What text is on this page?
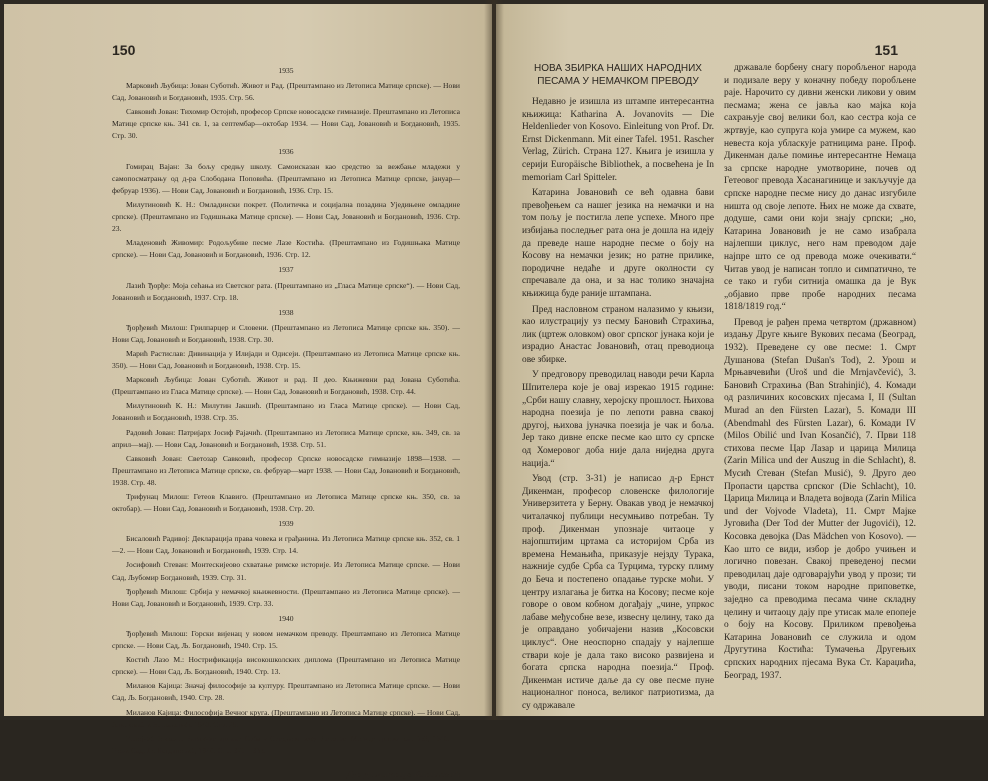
150
1935
Марковић Љубица: Јован Суботић. Живот и Рад. (Прештампано из Летописа Матице српске). — Нови Сад, Јовановић и Богдановић, 1935. Стр. 56.
Савковић Јован: Тихомир Остојић, професор Српске новосадске гимназије. Прештампано из Летописа Матице српске књ. 341 св. 1, за септембар—октобар 1934. — Нови Сад, Јовановић и Богдановић, 1935. Стр. 30.
1936
Гомирац Вајан: За бољу средњу школу. Самоисказан као средство за вежбање младежи у самопосматрању од д-ра Слободана Поповића. (Прештампано из Летописа Матице српске, јануар—фебруар 1936). — Нови Сад, Јовановић и Богдановић, 1936. Стр. 15.
Милутиновић К. Н.: Омладински покрет. (Политичка и социјална позадина Уједињене омладине српске). (Прештампано из Годишњака Матице српске). — Нови Сад, Јовановић и Богдановић, 1936. Стр. 23.
Младеновић Живомир: Родољубиве песме Лазе Костића. (Прештампано из Годишњака Матице српске). — Нови Сад, Јовановић и Богдановић, 1936. Стр. 12.
1937
Лазић Ђорђе: Моја сећања из Светског рата. (Прештампано из „Гласа Матице српске“). — Нови Сад, Јовановић и Богдановић, 1937. Стр. 18.
1938
Ђорђевић Милош: Грилпарцер и Словени. (Прештампано из Летописа Матице српске књ. 350). — Нови Сад, Јовановић и Богдановић, 1938. Стр. 30.
Марић Растислав: Дивинација у Илијади и Одисеји. (Прештампано из Летописа Матице српске књ. 350). — Нови Сад, Јовановић и Богдановић, 1938. Стр. 15.
Марковић Љубица: Јован Суботић. Живот и рад. II део. Књижевни рад Јована Суботића. (Прештампано из Гласа Матице српске). — Нови Сад, Јовановић и Богдановић, 1938. Стр. 44.
Милутиновић К. Н.: Милутин Јакшић. (Прештампано из Гласа Матице српске). — Нови Сад, Јовановић и Богдановић, 1938. Стр. 35.
Радовић Јован: Патријарх Јосиф Рајачић. (Прештампано из Летописа Матице српске, књ. 349, св. за април—мај). — Нови Сад, Јовановић и Богдановић, 1938. Стр. 51.
Савковић Јован: Светозар Савковић, професор Српске новосадске гимназије 1898—1938. — Прештампано из Летописа Матице српске, св. фебруар—март 1938. — Нови Сад, Јовановић и Богдановић, 1938. Стр. 48.
Трифунац Милош: Гетеов Клавиго. (Прештампано из Летописа Матице српске књ. 350, св. за октобар). — Нови Сад, Јовановић и Богдановић, 1938. Стр. 20.
1939
Бисаловић Радивој: Декларација права човека и грађанина. Из Летописа Матице српске књ. 352, св. 1—2. — Нови Сад, Јовановић и Богдановић, 1939. Стр. 14.
Јосифовић Стеван: Монтескијеово схватање римске историје. Из Летописа Матице српске. — Нови Сад, Љубомир Богдановић, 1939. Стр. 31.
Ђорђевић Милош: Србија у немачкој књижевности. (Прештампано из Летописа Матице српске). — Нови Сад, Јовановић и Богдановић, 1939. Стр. 33.
1940
Ђорђевић Милош: Горски вијенац у новом немачком преводу. Прештампано из Летописа Матице српске. — Нови Сад, Љ. Богдановић, 1940. Стр. 15.
Костић Лазо М.: Нострификација високошколских диплома (Прештампано из Летописа Матице српске). — Нови Сад, Љ. Богдановић, 1940. Стр. 13.
Миланов Кајица: Значај философије за културу. Прештампано из Летописа Матице српске. — Нови Сад, Љ. Богдановић, 1940. Стр. 28.
Миланов Кајица: Философија Вечног круга. (Прештампано из Летописа Матице српске). — Нови Сад, Јовановић и Богдановић, 1940. Стр. 29.
Радојчић Никола: Ратничке врлине Срба у Средњем веку. Летопис Матице српске књ. 353, 1940. — Нови Сад, Љ. Богдановић, 1940. Стр. 321—333.
Д-р Димитрије Кириловић
151
НОВА ЗБИРКА НАШИХ НАРОДНИХ ПЕСАМА У НЕМАЧКОМ ПРЕВОДУ

Недавно је изишла из штампе интересантна књижица: Katharina A. Jovanovits — Die Heldenlieder von Kosovo. Einleitung von Prof. Dr. Ernst Dickenmann. Mit einer Tafel. 1951. Rascher Verlag, Zürich. Страна 127. Књига је изишла у серији Europäische Bibliothek, а посвећена је In memoriam Carl Spitteler.

Катарина Јовановић се већ одавна бави превођењем са нашег језика на немачки и на том пољу је постигла лепе успехе. Много пре избијања последњег рата она је дошла на идеју да преведе наше народне песме о боју на Косову на немачки језик; но ратне прилике, породичне недаће и друге околности су спречавале да она, и за нас толико значајна књижица буде раније штампана.

Пред насловном страном налазимо у књизи, као илустрацију уз песму Бановић Страхиња, лик (цртеж оловком) овог српског јунака који је израдио Анастас Јовановић, отац преводиоца ове збирке.

У предговору преводилац наводи речи Карла Шпителера које је овај изрекао 1915 године: „Срби нашу славну, херојску прошлост. Њихова народна поезија је по лепоти равна свакој другој, њихова јуначка поезија је чак и боља. Јер тако дивне епске песме као што су српске од Хомеровог доба није дала ниједна друга нација.“

Увод (стр. 3-31) је написао д-р Ернст Дикенман, професор словенске филологије Универзитета у Берну. Овакав увод је немачкој читалачкој публици несумњиво потребан. Ту проф. Дикенман упознаје читаоце у најопштијим цртама са историјом Срба из времена Немањића, приказује нејзду Турака, нажније судбе Срба са Турцима, турску плиму до Беча и постепено опадање турске моћи. У центру излагања је битка на Косову; песме које говоре о овом кобном догађају „чине, упркос лабаве међусобне везе, извесну целину, тако да је оправдано уобичајени назив „Косовски циклус“. Оне неоспорно спадају у најлепше ствари које је дала тако високо развијена и богата српска народна поезија.“ Проф. Дикенман истиче даље да су ове песме пуне националног поноса, великог патриотизма, да су одржавале

државале борбену снагу поробљеног народа и подизале веру у коначну победу поробљене раје. Нарочито су дивни женски ликови у овим песмама; жена се јавља као мајка која сахрањује свој велики бол, као сестра која се жртвује, као супруга која умире са мужем, као невеста која убласкује ратницима ране. Проф. Дикенман даље помиње интересантне Немаца за српске народне умотворине, почев од Гетеовог превода Хасанагинице и закључује да српске народне песме нису до данас изгубиле ништа од своје лепоте. Њих не може да схвате, додуше, сами они који знају српски; „но, Катарина Јовановић је не само изабрала најлепши циклус, него нам преводом даје најпре што се од превода може очекивати.“ Читав увод је написан топло и симпатично, те се тако и губи ситнија омашка да је Вук „објавио прве пробе народних песама 1818/1819 год.“

Превод је рађен према четвртом (државном) издању Друге књиге Вукових песама (Београд, 1932). Преведене су ове песме: 1. Смрт Душанова (Stefan Dušan's Tod), 2. Урош и Мрњавчевићи (Uroš und die Mrnjavčević), 3. Бановић Страхиња (Ban Strahinjić), 4. Комади од различиних косовских пјесама I, II (Sultan Murad an den Fürsten Lazar), 5. Комади III (Abendmahl des Fürsten Lazar), 6. Комади IV (Milos Obilić und Ivan Kosančić), 7. Први 118 стихова песме Цар Лазар и царица Милица (Zarin Milica und der Auszug in die Schlacht), 8. Мусић Стеван (Stefan Musić), 9. Друго део Пропасти царства српског (Die Schlacht), 10. Царица Милица и Владета војвода (Zarin Milica und der Vojvode Vladeta), 11. Смрт Мајке Југовића (Der Tod der Mutter der Jugovići), 12. Косовка девојка (Das Mädchen von Kosovo). — Као што се види, избор је добро учињен и логично повезан. Свакој преведеној песми преводилац даје одговарајући увод у прози; ти уводи, писани током народне приповетке, заједно са преводима песама чине складну целину и читаоцу дају пре утисак мале епопеје о боју на Косову. Приликом превођења Катарина Јовановић се служила и одом Другутина Костића: Тумачења Другењих српских народних пјесама Вука Ст. Караџића, Београд, 1937.
